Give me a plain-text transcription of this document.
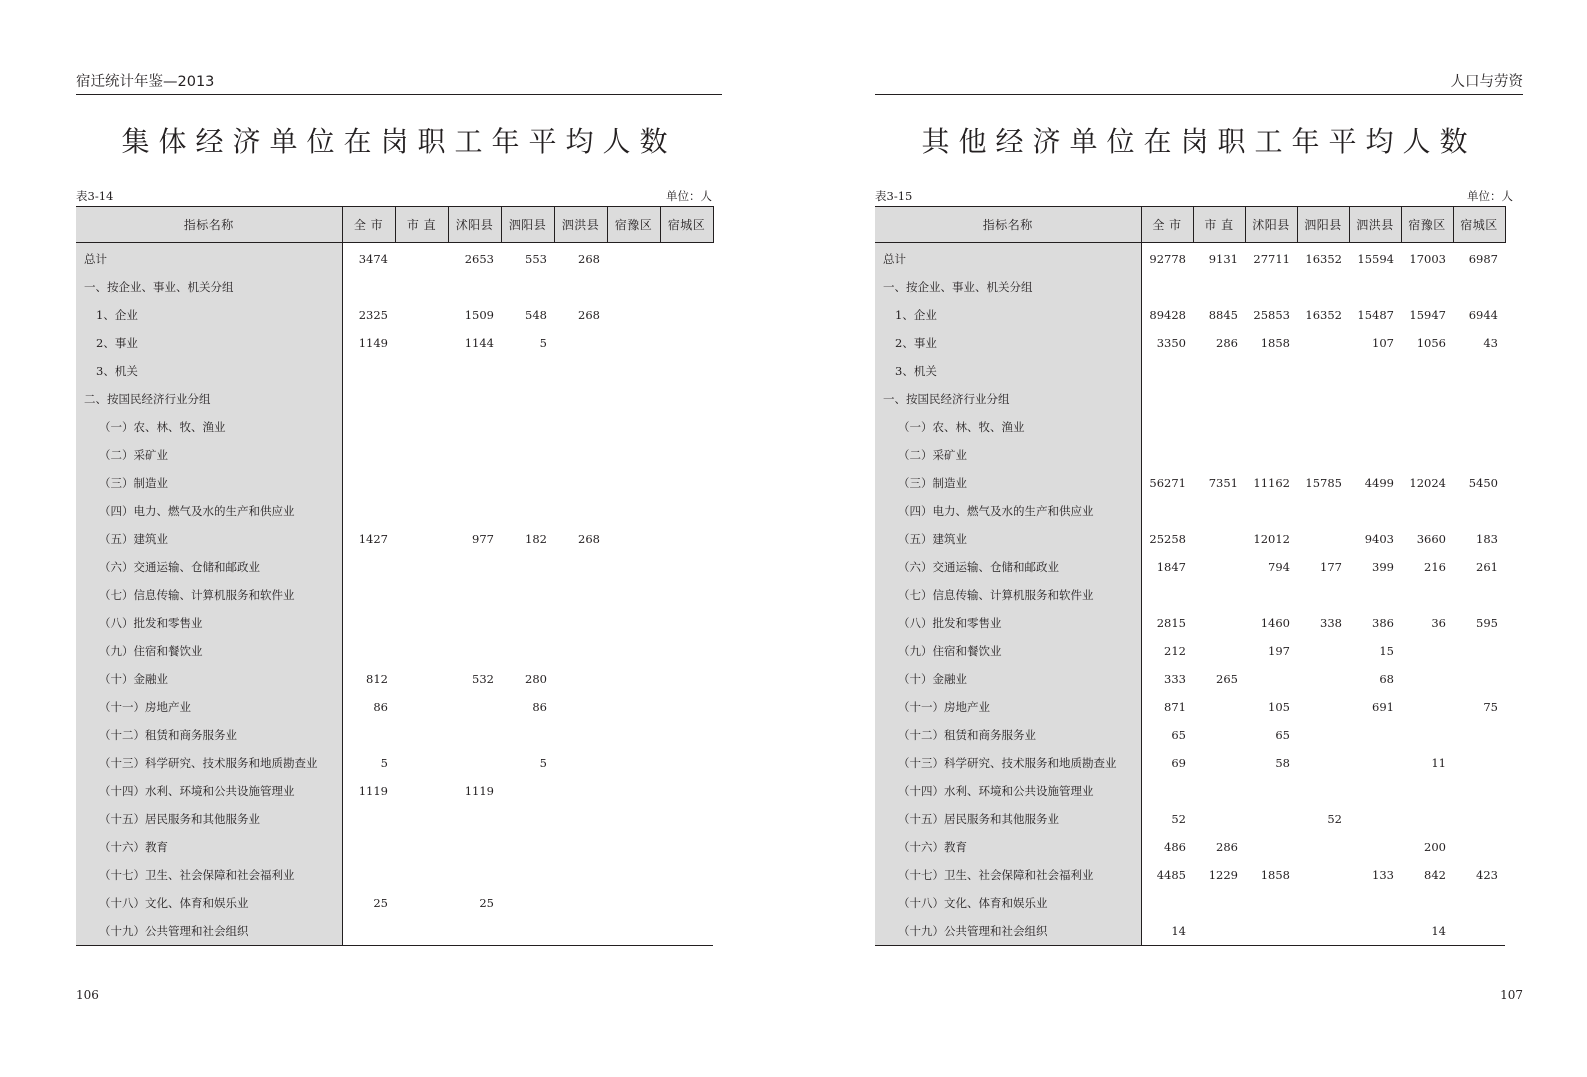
宿迁统计年鉴—2013
集体经济单位在岗职工年平均人数
表3-14	单位：人
指标名称	全 市	市 直	沭阳县	泗阳县	泗洪县	宿豫区	宿城区	
总计	3474		2653	553	268			
一、按企业、事业、机关分组								
1、企业	2325		1509	548	268			
2、事业	1149		1144	5				
3、机关								
二、按国民经济行业分组								
（一）农、林、牧、渔业								
（二）采矿业								
（三）制造业								
（四）电力、燃气及水的生产和供应业								
（五）建筑业	1427		977	182	268			
（六）交通运输、仓储和邮政业								
（七）信息传输、计算机服务和软件业								
（八）批发和零售业								
（九）住宿和餐饮业								
（十）金融业	812		532	280				
（十一）房地产业	86			86				
（十二）租赁和商务服务业								
（十三）科学研究、技术服务和地质勘查业	5			5				
（十四）水利、环境和公共设施管理业	1119		1119					
（十五）居民服务和其他服务业								
（十六）教育								
（十七）卫生、社会保障和社会福利业								
（十八）文化、体育和娱乐业	25		25					
（十九）公共管理和社会组织								
106
人口与劳资
其他经济单位在岗职工年平均人数
表3-15	单位：人
指标名称	全 市	市 直	沭阳县	泗阳县	泗洪县	宿豫区	宿城区	
总计	92778	9131	27711	16352	15594	17003	6987	
一、按企业、事业、机关分组								
1、企业	89428	8845	25853	16352	15487	15947	6944	
2、事业	3350	286	1858		107	1056	43	
3、机关								
一、按国民经济行业分组								
（一）农、林、牧、渔业								
（二）采矿业								
（三）制造业	56271	7351	11162	15785	4499	12024	5450	
（四）电力、燃气及水的生产和供应业								
（五）建筑业	25258		12012		9403	3660	183	
（六）交通运输、仓储和邮政业	1847		794	177	399	216	261	
（七）信息传输、计算机服务和软件业								
（八）批发和零售业	2815		1460	338	386	36	595	
（九）住宿和餐饮业	212		197		15			
（十）金融业	333	265			68			
（十一）房地产业	871		105		691		75	
（十二）租赁和商务服务业	65		65					
（十三）科学研究、技术服务和地质勘查业	69		58			11		
（十四）水利、环境和公共设施管理业								
（十五）居民服务和其他服务业	52			52				
（十六）教育	486	286				200		
（十七）卫生、社会保障和社会福利业	4485	1229	1858		133	842	423	
（十八）文化、体育和娱乐业								
（十九）公共管理和社会组织	14					14		
107
